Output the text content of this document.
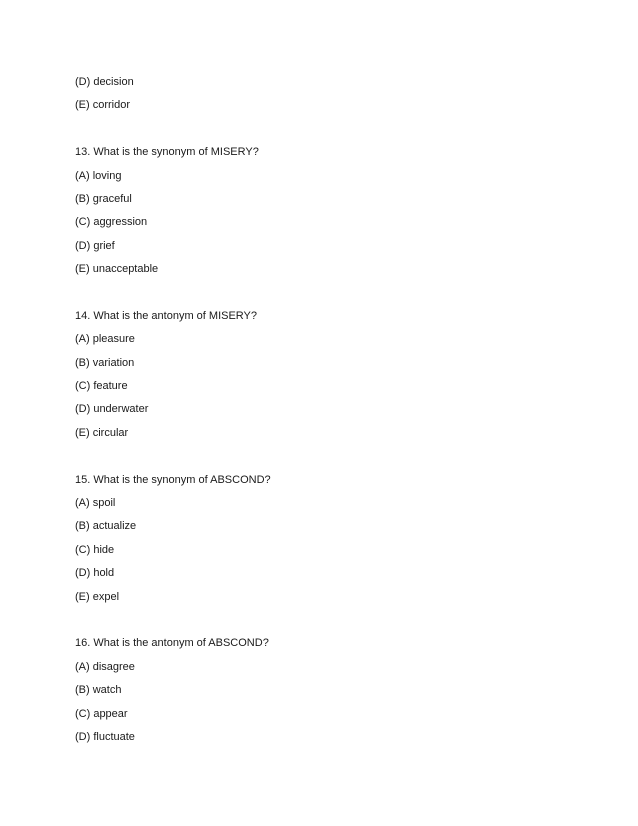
(D) decision
(E) corridor
13. What is the synonym of MISERY?
(A) loving
(B) graceful
(C) aggression
(D) grief
(E) unacceptable
14. What is the antonym of MISERY?
(A) pleasure
(B) variation
(C) feature
(D) underwater
(E) circular
15. What is the synonym of ABSCOND?
(A) spoil
(B) actualize
(C) hide
(D) hold
(E) expel
16. What is the antonym of ABSCOND?
(A) disagree
(B) watch
(C) appear
(D) fluctuate
